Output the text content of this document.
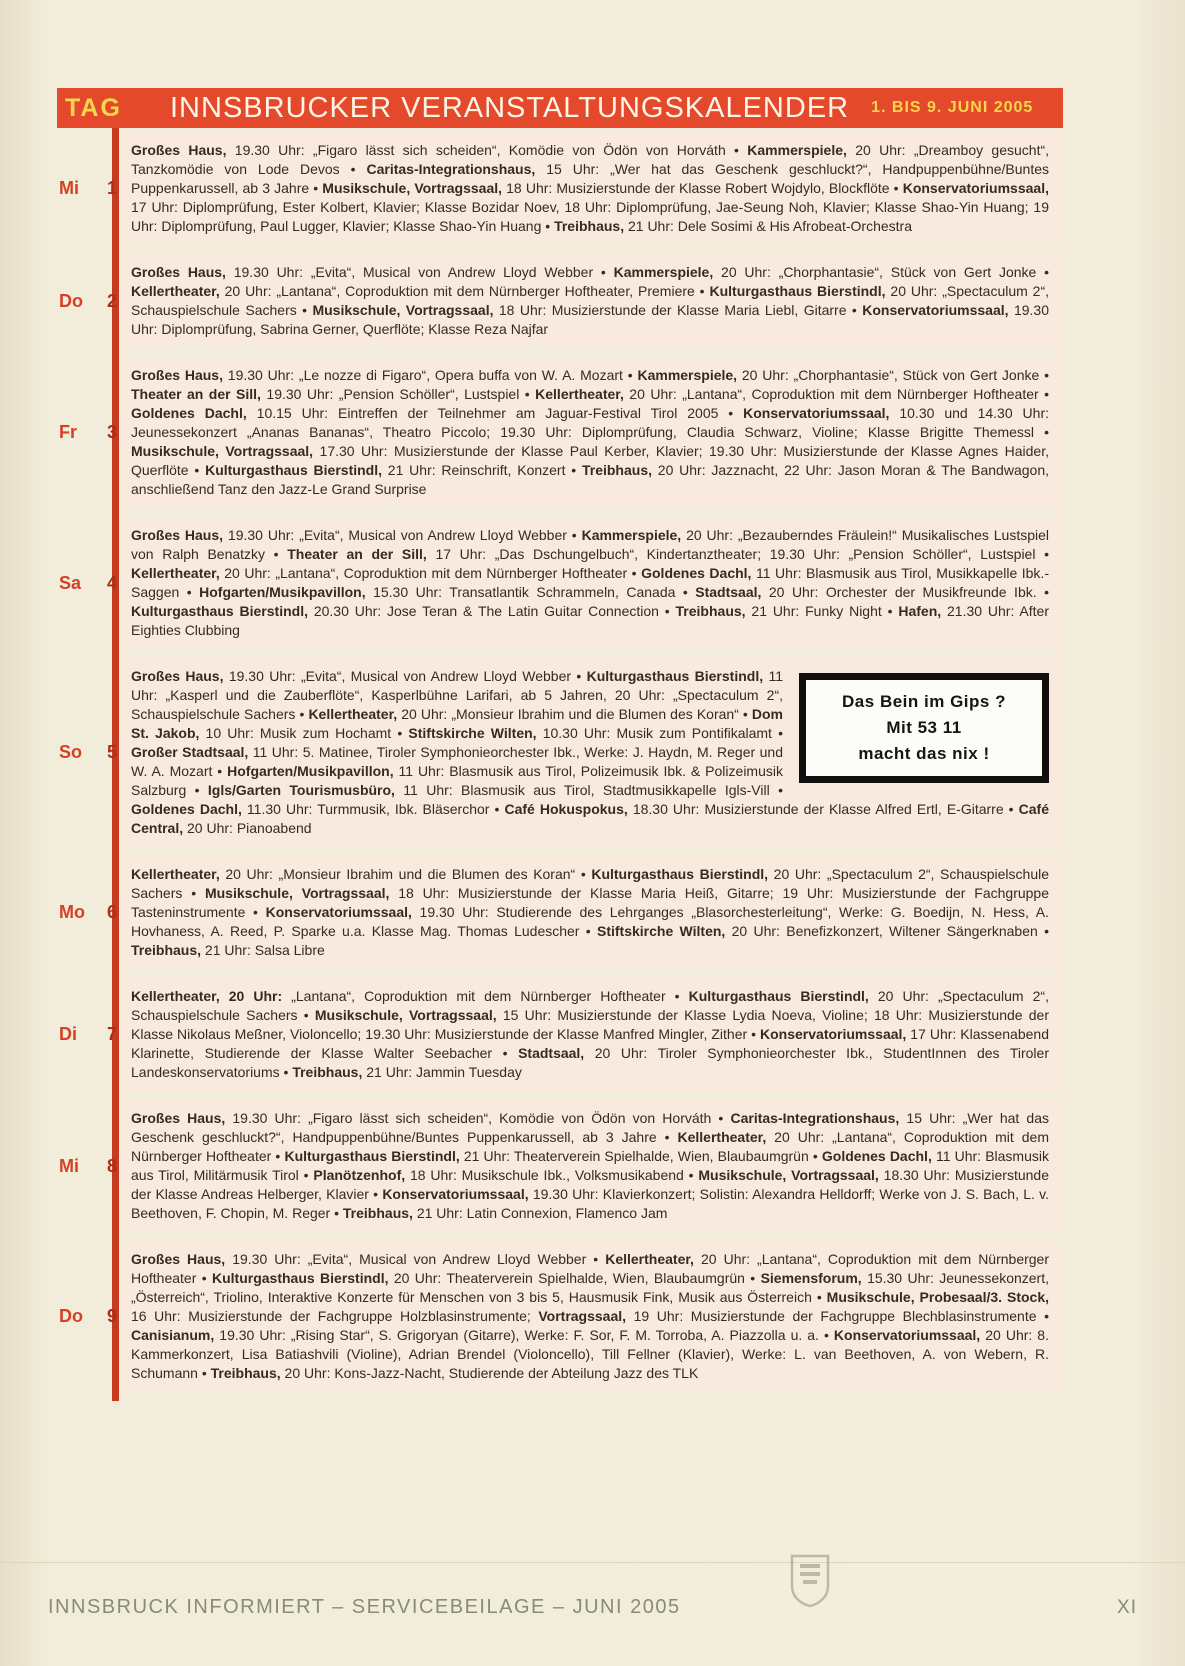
TAG	INNSBRUCKER VERANSTALTUNGSKALENDER 1. BIS 9. JUNI 2005
Mi 1
Großes Haus, 19.30 Uhr: „Figaro lässt sich scheiden“, Komödie von Ödön von Horváth • Kammerspiele, 20 Uhr: „Dreamboy gesucht“, Tanzkomödie von Lode Devos • Caritas-Integrationshaus, 15 Uhr: „Wer hat das Geschenk geschluckt?“, Handpuppenbühne/Buntes Puppenkarussell, ab 3 Jahre • Musikschule, Vortragssaal, 18 Uhr: Musizierstunde der Klasse Robert Wojdylo, Blockflöte • Konservatoriumssaal, 17 Uhr: Diplomprüfung, Ester Kolbert, Klavier; Klasse Bozidar Noev, 18 Uhr: Diplomprüfung, Jae-Seung Noh, Klavier; Klasse Shao-Yin Huang; 19 Uhr: Diplomprüfung, Paul Lugger, Klavier; Klasse Shao-Yin Huang • Treibhaus, 21 Uhr: Dele Sosimi & His Afrobeat-Orchestra
Do 2
Großes Haus, 19.30 Uhr: „Evita“, Musical von Andrew Lloyd Webber • Kammerspiele, 20 Uhr: „Chorphantasie“, Stück von Gert Jonke • Kellertheater, 20 Uhr: „Lantana“, Coproduktion mit dem Nürnberger Hoftheater, Premiere • Kulturgasthaus Bierstindl, 20 Uhr: „Spectaculum 2“, Schauspielschule Sachers • Musikschule, Vortragssaal, 18 Uhr: Musizierstunde der Klasse Maria Liebl, Gitarre • Konservatoriumssaal, 19.30 Uhr: Diplomprüfung, Sabrina Gerner, Querflöte; Klasse Reza Najfar
Fr 3
Großes Haus, 19.30 Uhr: „Le nozze di Figaro“, Opera buffa von W. A. Mozart • Kammerspiele, 20 Uhr: „Chorphantasie“, Stück von Gert Jonke • Theater an der Sill, 19.30 Uhr: „Pension Schöller“, Lustspiel • Kellertheater, 20 Uhr: „Lantana“, Coproduktion mit dem Nürnberger Hoftheater • Goldenes Dachl, 10.15 Uhr: Eintreffen der Teilnehmer am Jaguar-Festival Tirol 2005 • Konservatoriumssaal, 10.30 und 14.30 Uhr: Jeunessekonzert „Ananas Bananas“, Theatro Piccolo; 19.30 Uhr: Diplomprüfung, Claudia Schwarz, Violine; Klasse Brigitte Themessl • Musikschule, Vortragssaal, 17.30 Uhr: Musizierstunde der Klasse Paul Kerber, Klavier; 19.30 Uhr: Musizierstunde der Klasse Agnes Haider, Querflöte • Kulturgasthaus Bierstindl, 21 Uhr: Reinschrift, Konzert • Treibhaus, 20 Uhr: Jazznacht, 22 Uhr: Jason Moran & The Bandwagon, anschließend Tanz den Jazz-Le Grand Surprise
Sa 4
Großes Haus, 19.30 Uhr: „Evita“, Musical von Andrew Lloyd Webber • Kammerspiele, 20 Uhr: „Bezauberndes Fräulein!“ Musikalisches Lustspiel von Ralph Benatzky • Theater an der Sill, 17 Uhr: „Das Dschungelbuch“, Kindertanztheater; 19.30 Uhr: „Pension Schöller“, Lustspiel • Kellertheater, 20 Uhr: „Lantana“, Coproduktion mit dem Nürnberger Hoftheater • Goldenes Dachl, 11 Uhr: Blasmusik aus Tirol, Musikkapelle Ibk.-Saggen • Hofgarten/Musikpavillon, 15.30 Uhr: Transatlantik Schrammeln, Canada • Stadtsaal, 20 Uhr: Orchester der Musikfreunde Ibk. • Kulturgasthaus Bierstindl, 20.30 Uhr: Jose Teran & The Latin Guitar Connection • Treibhaus, 21 Uhr: Funky Night • Hafen, 21.30 Uhr: After Eighties Clubbing
So 5

Das Bein im Gips ?

Mit 53 11

macht das nix !

Großes Haus, 19.30 Uhr: „Evita“, Musical von Andrew Lloyd Webber • Kulturgasthaus Bierstindl, 11 Uhr: „Kasperl und die Zauberflöte“, Kasperlbühne Larifari, ab 5 Jahren, 20 Uhr: „Spectaculum 2“, Schauspielschule Sachers • Kellertheater, 20 Uhr: „Monsieur Ibrahim und die Blumen des Koran“ • Dom St. Jakob, 10 Uhr: Musik zum Hochamt • Stiftskirche Wilten, 10.30 Uhr: Musik zum Pontifikalamt • Großer Stadtsaal, 11 Uhr: 5. Matinee, Tiroler Symphonieorchester Ibk., Werke: J. Haydn, M. Reger und W. A. Mozart • Hofgarten/Musikpavillon, 11 Uhr: Blasmusik aus Tirol, Polizeimusik Ibk. & Polizeimusik Salzburg • Igls/Garten Tourismusbüro, 11 Uhr: Blasmusik aus Tirol, Stadtmusikkapelle Igls-Vill • Goldenes Dachl, 11.30 Uhr: Turmmusik, Ibk. Bläserchor • Café Hokuspokus, 18.30 Uhr: Musizierstunde der Klasse Alfred Ertl, E-Gitarre • Café Central, 20 Uhr: Pianoabend
Mo 6
Kellertheater, 20 Uhr: „Monsieur Ibrahim und die Blumen des Koran“ • Kulturgasthaus Bierstindl, 20 Uhr: „Spectaculum 2“, Schauspielschule Sachers • Musikschule, Vortragssaal, 18 Uhr: Musizierstunde der Klasse Maria Heiß, Gitarre; 19 Uhr: Musizierstunde der Fachgruppe Tasteninstrumente • Konservatoriumssaal, 19.30 Uhr: Studierende des Lehrganges „Blasorchesterleitung“, Werke: G. Boedijn, N. Hess, A. Hovhaness, A. Reed, P. Sparke u.a. Klasse Mag. Thomas Ludescher • Stiftskirche Wilten, 20 Uhr: Benefizkonzert, Wiltener Sängerknaben • Treibhaus, 21 Uhr: Salsa Libre
Di 7
Kellertheater, 20 Uhr: „Lantana“, Coproduktion mit dem Nürnberger Hoftheater • Kulturgasthaus Bierstindl, 20 Uhr: „Spectaculum 2“, Schauspielschule Sachers • Musikschule, Vortragssaal, 15 Uhr: Musizierstunde der Klasse Lydia Noeva, Violine; 18 Uhr: Musizierstunde der Klasse Nikolaus Meßner, Violoncello; 19.30 Uhr: Musizierstunde der Klasse Manfred Mingler, Zither • Konservatoriumssaal, 17 Uhr: Klassenabend Klarinette, Studierende der Klasse Walter Seebacher • Stadtsaal, 20 Uhr: Tiroler Symphonieorchester Ibk., StudentInnen des Tiroler Landeskonservatoriums • Treibhaus, 21 Uhr: Jammin Tuesday
Mi 8
Großes Haus, 19.30 Uhr: „Figaro lässt sich scheiden“, Komödie von Ödön von Horváth • Caritas-Integrationshaus, 15 Uhr: „Wer hat das Geschenk geschluckt?“, Handpuppenbühne/Buntes Puppenkarussell, ab 3 Jahre • Kellertheater, 20 Uhr: „Lantana“, Coproduktion mit dem Nürnberger Hoftheater • Kulturgasthaus Bierstindl, 21 Uhr: Theaterverein Spielhalde, Wien, Blaubaumgrün • Goldenes Dachl, 11 Uhr: Blasmusik aus Tirol, Militärmusik Tirol • Planötzenhof, 18 Uhr: Musikschule Ibk., Volksmusikabend • Musikschule, Vortragssaal, 18.30 Uhr: Musizierstunde der Klasse Andreas Helberger, Klavier • Konservatoriumssaal, 19.30 Uhr: Klavierkonzert; Solistin: Alexandra Helldorff; Werke von J. S. Bach, L. v. Beethoven, F. Chopin, M. Reger • Treibhaus, 21 Uhr: Latin Connexion, Flamenco Jam
Do 9
Großes Haus, 19.30 Uhr: „Evita“, Musical von Andrew Lloyd Webber • Kellertheater, 20 Uhr: „Lantana“, Coproduktion mit dem Nürnberger Hoftheater • Kulturgasthaus Bierstindl, 20 Uhr: Theaterverein Spielhalde, Wien, Blaubaumgrün • Siemensforum, 15.30 Uhr: Jeunessekonzert, „Österreich“, Triolino, Interaktive Konzerte für Menschen von 3 bis 5, Hausmusik Fink, Musik aus Österreich • Musikschule, Probesaal/3. Stock, 16 Uhr: Musizierstunde der Fachgruppe Holzblasinstrumente; Vortragssaal, 19 Uhr: Musizierstunde der Fachgruppe Blechblasinstrumente • Canisianum, 19.30 Uhr: „Rising Star“, S. Grigoryan (Gitarre), Werke: F. Sor, F. M. Torroba, A. Piazzolla u. a. • Konservatoriumssaal, 20 Uhr: 8. Kammerkonzert, Lisa Batiashvili (Violine), Adrian Brendel (Violoncello), Till Fellner (Klavier), Werke: L. van Beethoven, A. von Webern, R. Schumann • Treibhaus, 20 Uhr: Kons-Jazz-Nacht, Studierende der Abteilung Jazz des TLK
INNSBRUCK INFORMIERT – SERVICEBEILAGE – JUNI 2005	XI
